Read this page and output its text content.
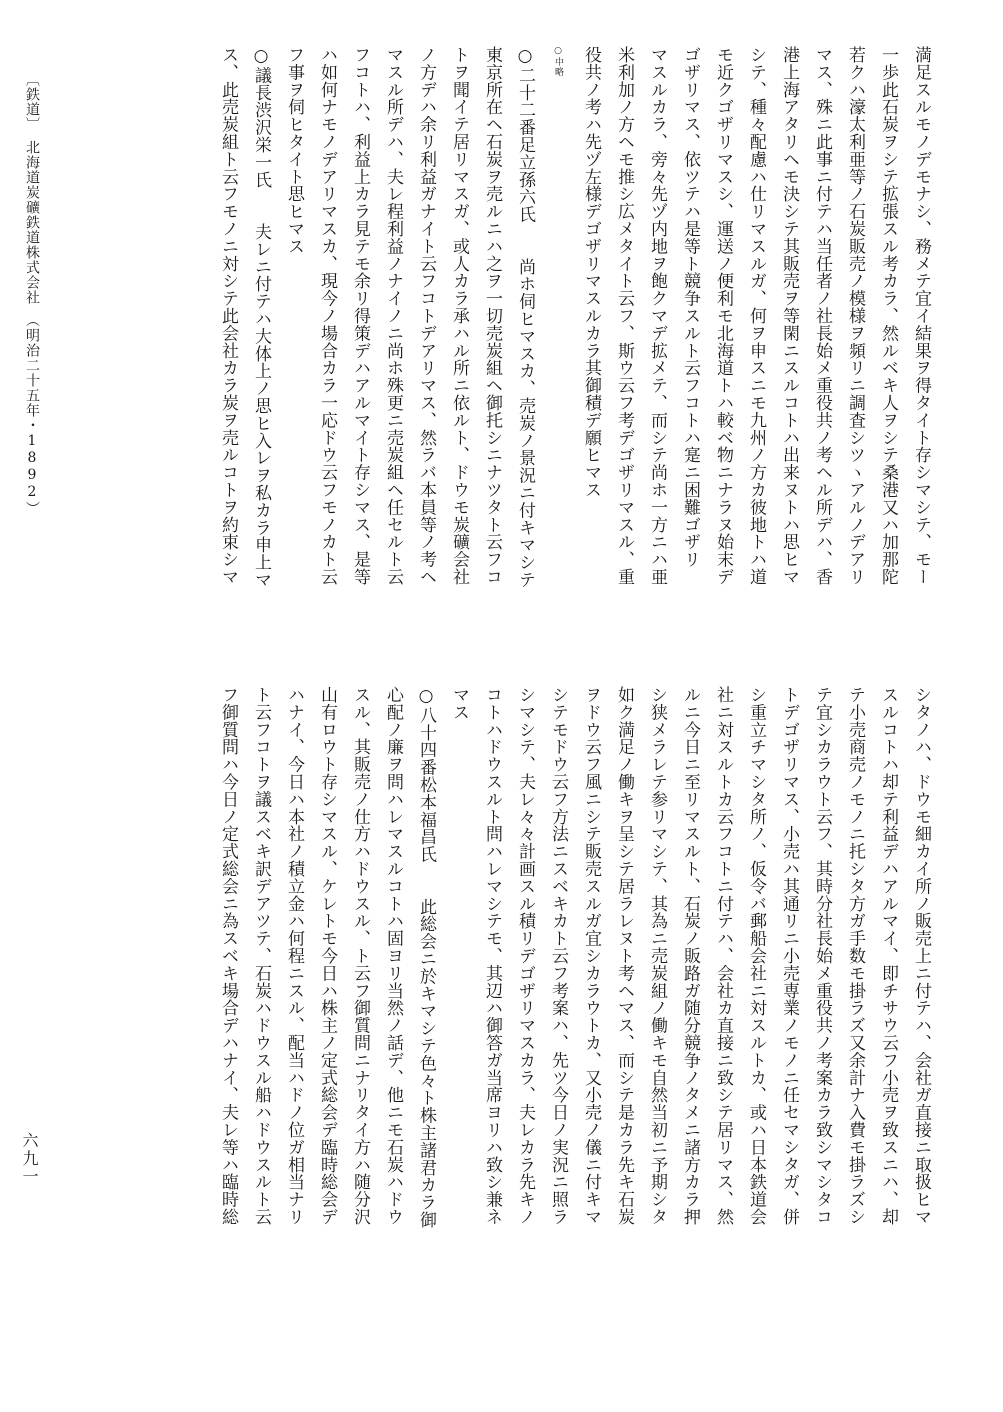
満足スルモノデモナシ、務メテ宜イ結果ヲ得タイト存シマシテ、モー

一歩此石炭ヲシテ拡張スル考カラ、然ルベキ人ヲシテ桑港又ハ加那陀

若クハ濠太利亜等ノ石炭販売ノ模様ヲ頻リニ調査シツヽアルノデアリ

マス、殊ニ此事ニ付テハ当任者ノ社長始メ重役共ノ考ヘル所デハ、香

港上海アタリヘモ決シテ其販売ヲ等閑ニスルコトハ出来ヌトハ思ヒマ

シテ、種々配慮ハ仕リマスルガ、何ヲ申スニモ九州ノ方カ彼地トハ道

モ近クゴザリマスシ、運送ノ便利モ北海道トハ較ベ物ニナラヌ始末デ

ゴザリマス、依ツテハ是等ト競争スルト云フコトハ寔ニ困難ゴザリ

マスルカラ、旁々先ヅ内地ヲ飽クマデ拡メテ、而シテ尚ホ一方ニハ亜

米利加ノ方ヘモ推シ広メタイト云フ、斯ウ云フ考デゴザリマスル、重

役共ノ考ハ先ヅ左様デゴザリマスルカラ其御積デ願ヒマス

○中略

○二十二番足立孫六氏　　尚ホ伺ヒマスカ、売炭ノ景況ニ付キマシテ

東京所在ヘ石炭ヲ売ルニハ之ヲ一切売炭組ヘ御托シニナツタト云フコ

トヲ聞イテ居リマスガ、或人カラ承ハル所ニ依ルト、ドウモ炭礦会社

ノ方デハ余リ利益ガナイト云フコトデアリマス、然ラバ本員等ノ考ヘ

マスル所デハ、夫レ程利益ノナイノニ尚ホ殊更ニ売炭組ヘ任セルト云

フコトハ、利益上カラ見テモ余リ得策デハアルマイト存シマス、是等

ハ如何ナモノデアリマスカ、現今ノ場合カラ一応ドウ云フモノカト云

フ事ヲ伺ヒタイト思ヒマス

○議長渋沢栄一氏　　夫レニ付テハ大体上ノ思ヒ入レヲ私カラ申上マ

ス、此売炭組ト云フモノニ対シテ此会社カラ炭ヲ売ルコトヲ約束シマ

シタノハ、ドウモ細カイ所ノ販売上ニ付テハ、会社ガ直接ニ取扱ヒマ

スルコトハ却テ利益デハアルマイ、即チサウ云フ小売ヲ致スニハ、却

テ小売商売ノモノニ托シタ方ガ手数モ掛ラズ又余計ナ入費モ掛ラズシ

テ宜シカラウト云フ、其時分社長始メ重役共ノ考案カラ致シマシタコ

トデゴザリマス、小売ハ其通リニ小売専業ノモノニ任セマシタガ、併

シ重立チマシタ所ノ、仮令バ郵船会社ニ対スルトカ、或ハ日本鉄道会

社ニ対スルトカ云フコトニ付テハ、会社カ直接ニ致シテ居リマス、然

ルニ今日ニ至リマスルト、石炭ノ販路ガ随分競争ノタメニ諸方カラ押

シ狭メラレテ参リマシテ、其為ニ売炭組ノ働キモ自然当初ニ予期シタ

如ク満足ノ働キヲ呈シテ居ラレヌト考ヘマス、而シテ是カラ先キ石炭

ヲドウ云フ風ニシテ販売スルガ宜シカラウトカ、又小売ノ儀ニ付キマ

シテモドウ云フ方法ニスベキカト云フ考案ハ、先ツ今日ノ実況ニ照ラ

シマシテ、夫レ々々計画スル積リデゴザリマスカラ、夫レカラ先キノ

コトハドウスルト問ハレマシテモ、其辺ハ御答ガ当席ヨリハ致シ兼ネ

マス

○八十四番松本福昌氏　　此総会ニ於キマシテ色々ト株主諸君カラ御

心配ノ廉ヲ問ハレマスルコトハ固ヨリ当然ノ話デ、他ニモ石炭ハドウ

スル、其販売ノ仕方ハドウスル、ト云フ御質問ニナリタイ方ハ随分沢

山有ロウト存シマスル、ケレトモ今日ハ株主ノ定式総会デ臨時総会デ

ハナイ、今日ハ本社ノ積立金ハ何程ニスル、配当ハドノ位ガ相当ナリ

ト云フコトヲ議スベキ訳デアツテ、石炭ハドウスル船ハドウスルト云

フ御質問ハ今日ノ定式総会ニ為スベキ場合デハナイ、夫レ等ハ臨時総

〔鉄道〕　北海道炭礦鉄道株式会社　（明治二十五年・1892）
六九一
